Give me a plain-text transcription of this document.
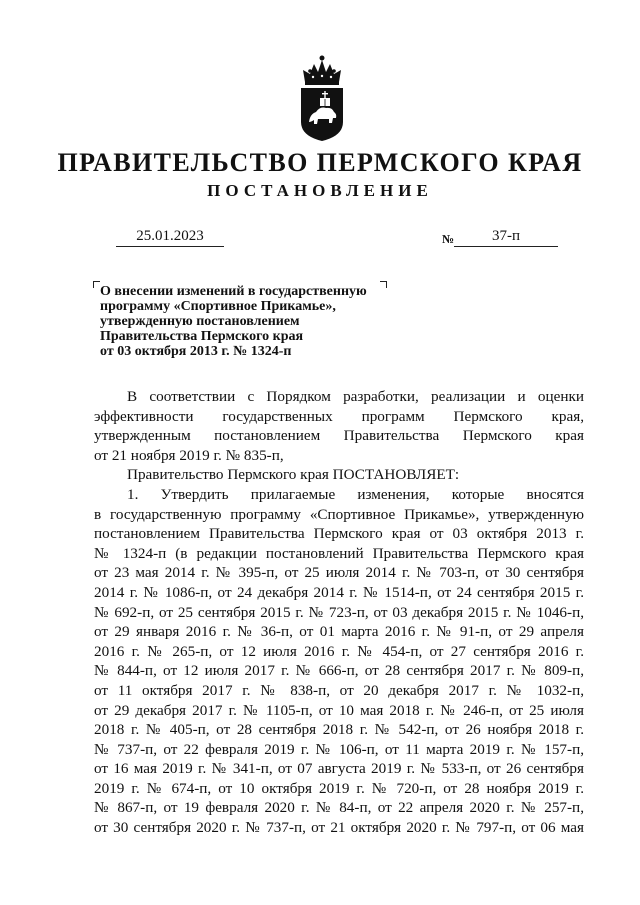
ПРАВИТЕЛЬСТВО ПЕРМСКОГО КРАЯ
ПОСТАНОВЛЕНИЕ
25.01.2023	№	37-п
О внесении изменений в государственную
программу «Спортивное Прикамье»,
утвержденную постановлением
Правительства Пермского края
от 03 октября 2013 г. № 1324-п
В соответствии с Порядком разработки, реализации и оценки
эффективности государственных программ Пермского края,
утвержденным постановлением Правительства Пермского края
от 21 ноября 2019 г. № 835-п,
Правительство Пермского края ПОСТАНОВЛЯЕТ:
1. Утвердить прилагаемые изменения, которые вносятся
в государственную программу «Спортивное Прикамье», утвержденную
постановлением Правительства Пермского края от 03 октября 2013 г.
№ 1324-п (в редакции постановлений Правительства Пермского края
от 23 мая 2014 г. № 395-п, от 25 июля 2014 г. № 703-п, от 30 сентября
2014 г. № 1086-п, от 24 декабря 2014 г. № 1514-п, от 24 сентября 2015 г.
№ 692-п, от 25 сентября 2015 г. № 723-п, от 03 декабря 2015 г. № 1046-п,
от 29 января 2016 г. № 36-п, от 01 марта 2016 г. № 91-п, от 29 апреля
2016 г. № 265-п, от 12 июля 2016 г. № 454-п, от 27 сентября 2016 г.
№ 844-п, от 12 июля 2017 г. № 666-п, от 28 сентября 2017 г. № 809-п,
от 11 октября 2017 г. № 838-п, от 20 декабря 2017 г. № 1032-п,
от 29 декабря 2017 г. № 1105-п, от 10 мая 2018 г. № 246-п, от 25 июля
2018 г. № 405-п, от 28 сентября 2018 г. № 542-п, от 26 ноября 2018 г.
№ 737-п, от 22 февраля 2019 г. № 106-п, от 11 марта 2019 г. № 157-п,
от 16 мая 2019 г. № 341-п, от 07 августа 2019 г. № 533-п, от 26 сентября
2019 г. № 674-п, от 10 октября 2019 г. № 720-п, от 28 ноября 2019 г.
№ 867-п, от 19 февраля 2020 г. № 84-п, от 22 апреля 2020 г. № 257-п,
от 30 сентября 2020 г. № 737-п, от 21 октября 2020 г. № 797-п, от 06 мая
